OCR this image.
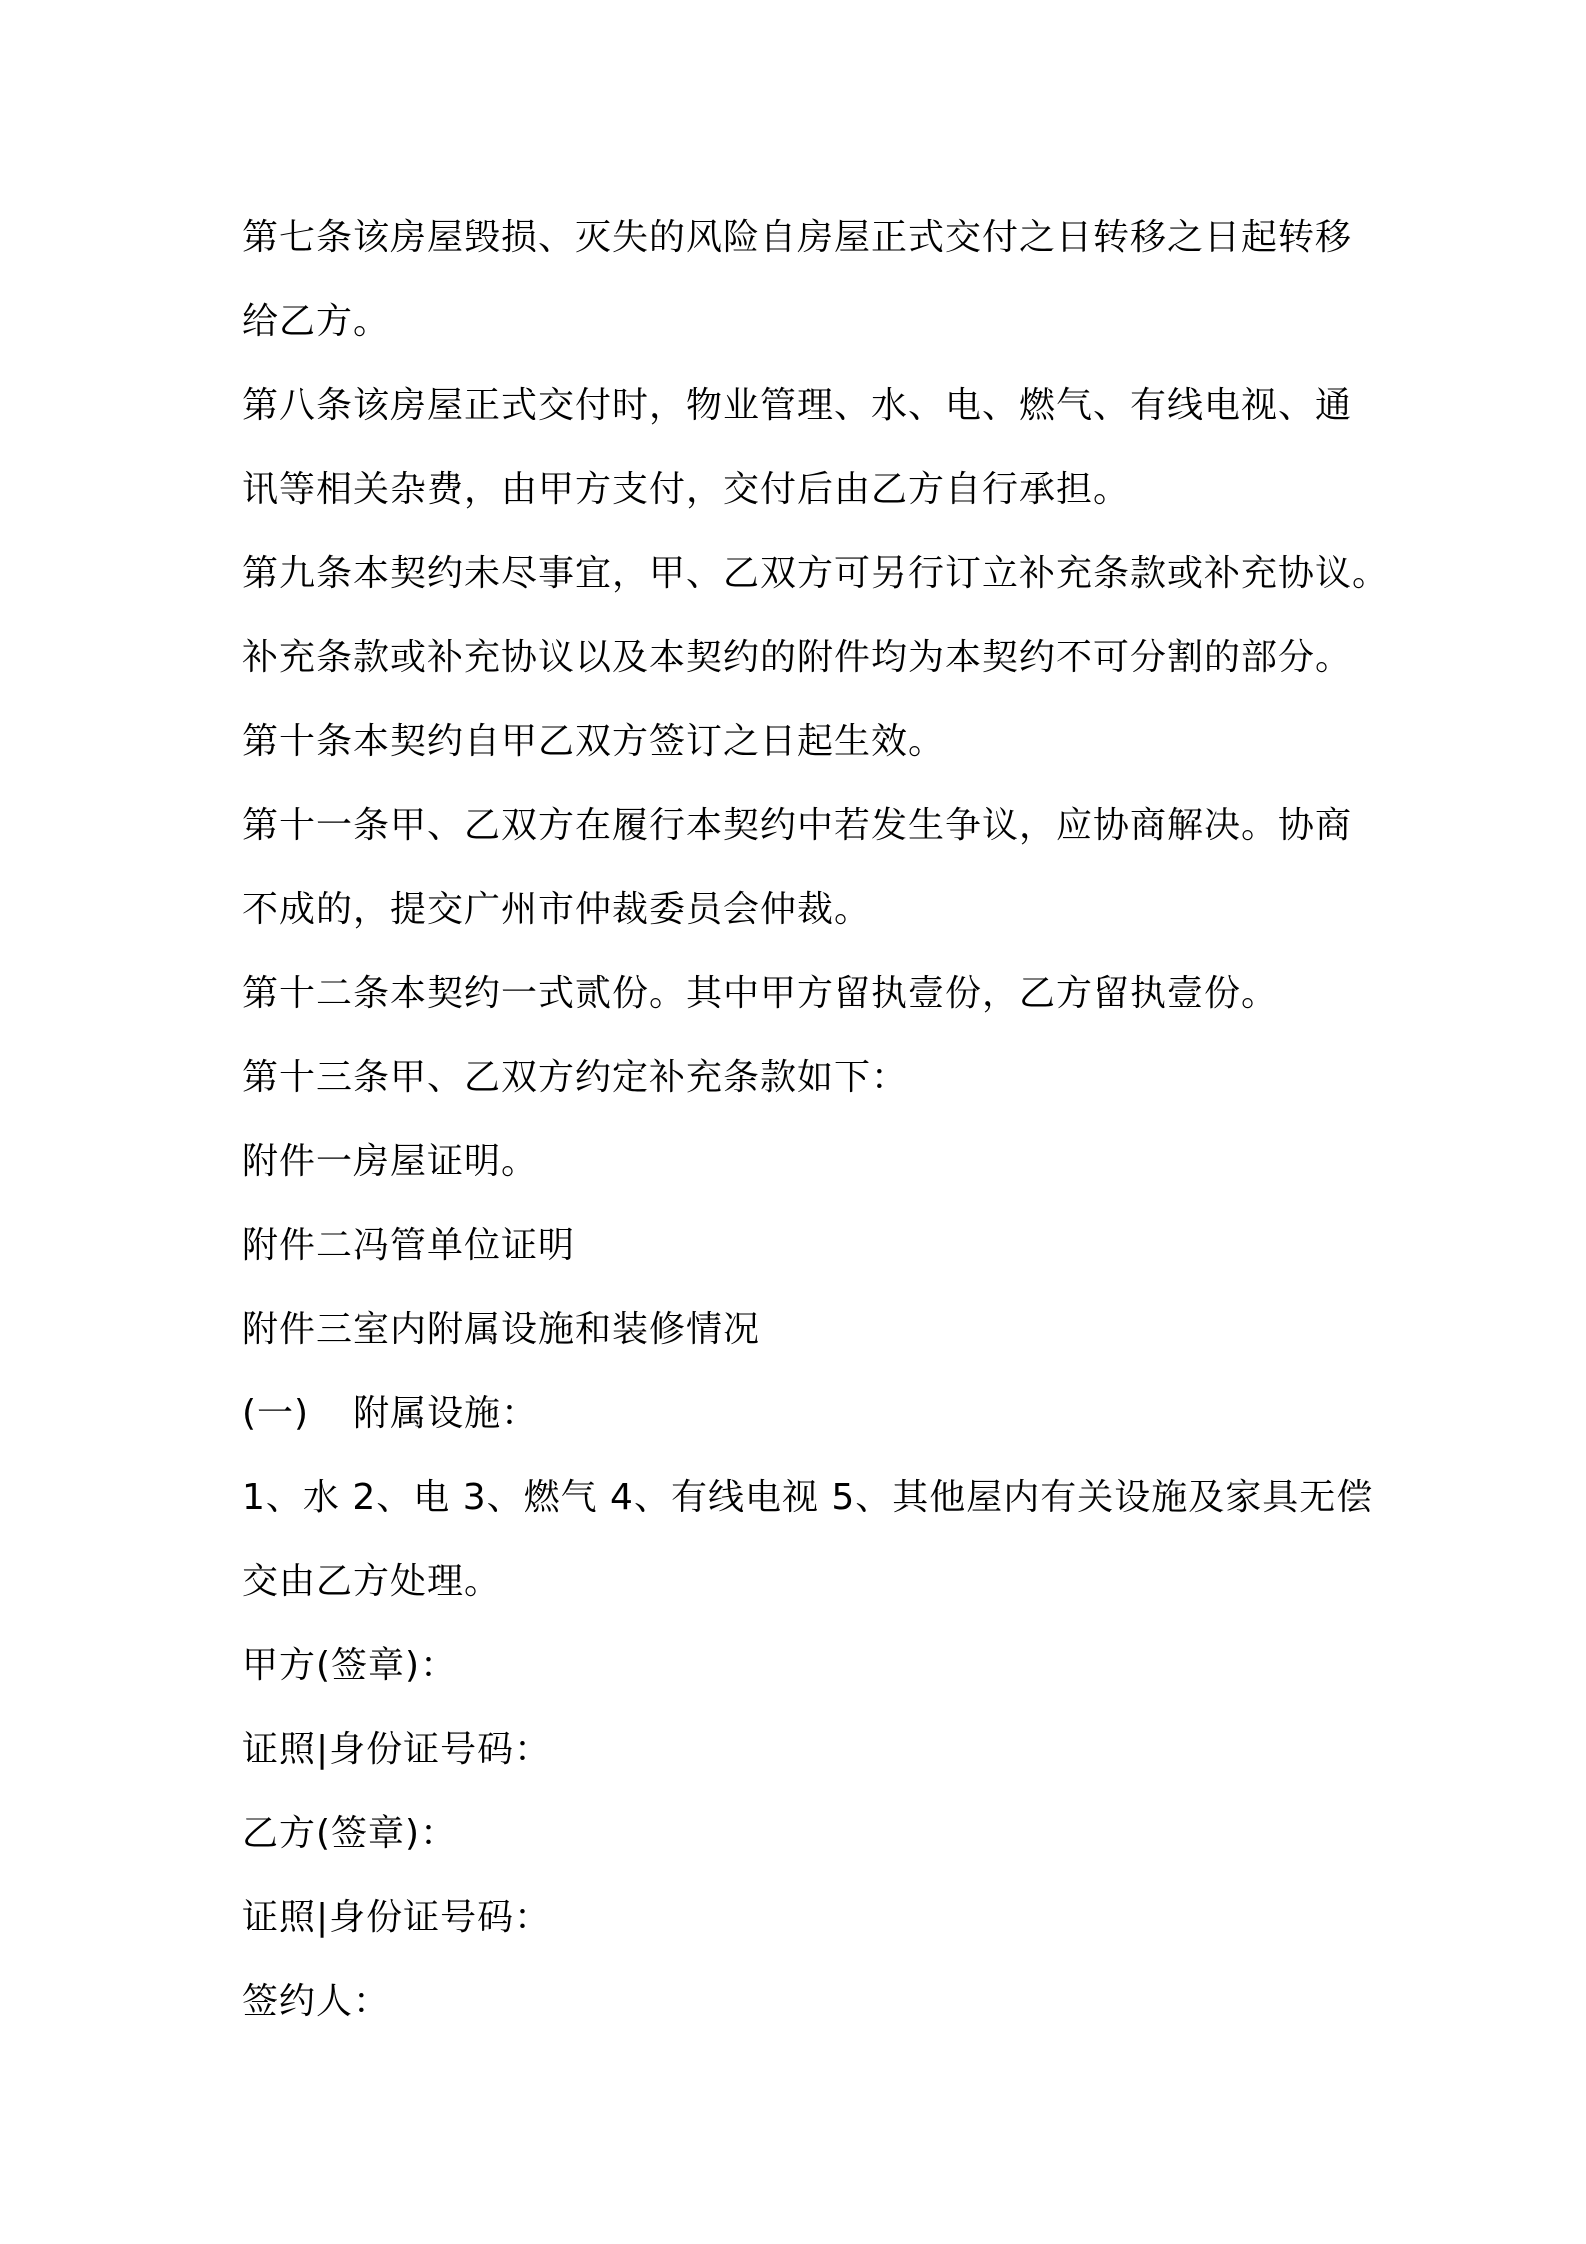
第七条该房屋毁损、灭失的风险自房屋正式交付之日转移之日起转移
给乙方。
第八条该房屋正式交付时，物业管理、水、电、燃气、有线电视、通
讯等相关杂费，由甲方支付，交付后由乙方自行承担。
第九条本契约未尽事宜，甲、乙双方可另行订立补充条款或补充协议。
补充条款或补充协议以及本契约的附件均为本契约不可分割的部分。
第十条本契约自甲乙双方签订之日起生效。
第十一条甲、乙双方在履行本契约中若发生争议，应协商解决。协商
不成的，提交广州市仲裁委员会仲裁。
第十二条本契约一式贰份。其中甲方留执壹份，乙方留执壹份。
第十三条甲、乙双方约定补充条款如下：
附件一房屋证明。
附件二冯管单位证明
附件三室内附属设施和装修情况
(一) 附属设施：
1、水 2、电 3、燃气 4、有线电视 5、其他屋内有关设施及家具无偿
交由乙方处理。
甲方(签章)：
证照|身份证号码：
乙方(签章)：
证照|身份证号码：
签约人：
